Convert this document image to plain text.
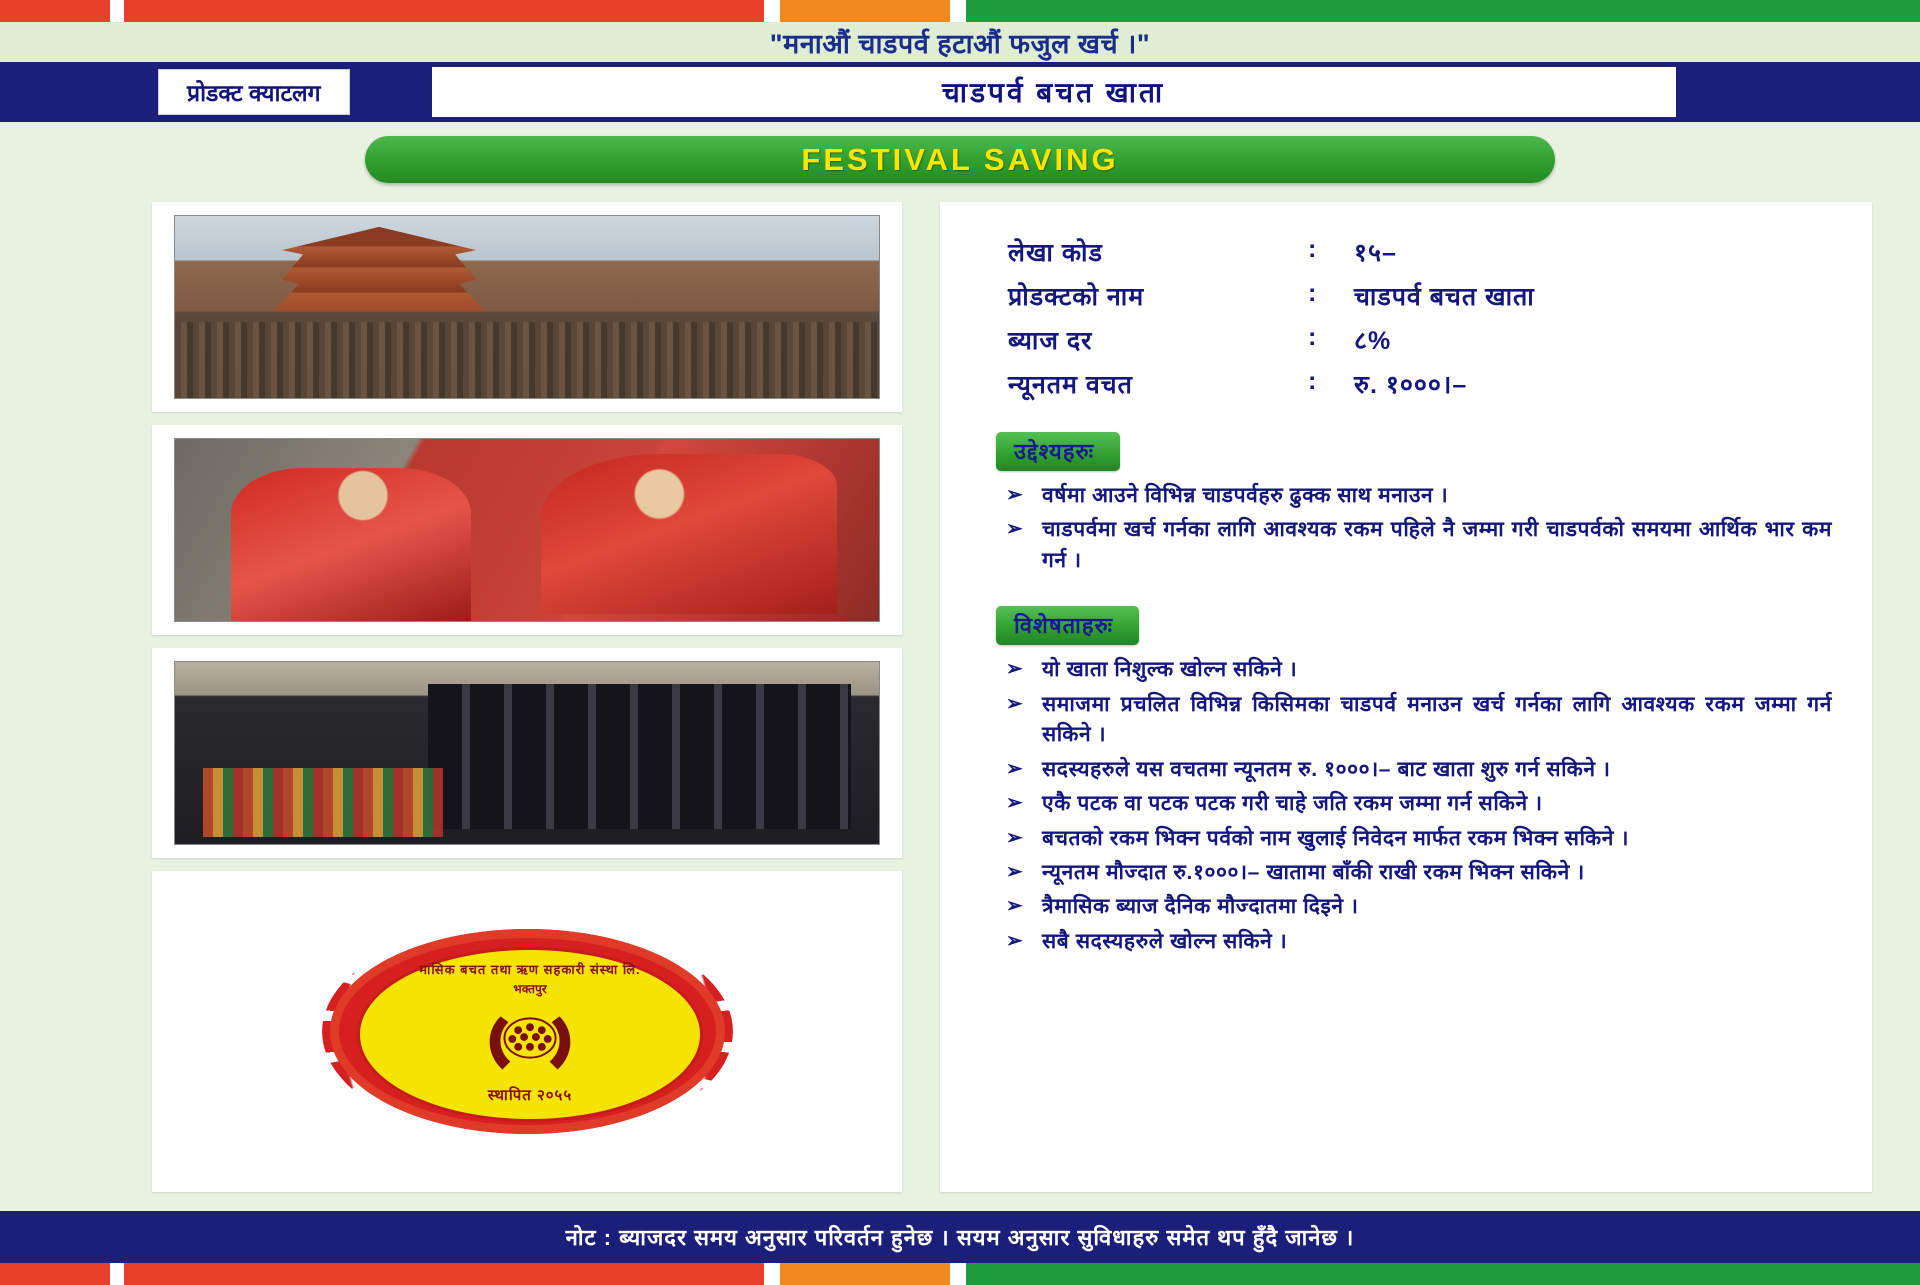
"मनाऔं चाडपर्व हटाऔं फजुल खर्च ।"
प्रोडक्ट क्याटलग	चाडपर्व बचत खाता
FESTIVAL SAVING
मासिक बचत तथा ऋण सहकारी संस्था लि.
भक्तपुर
स्थापित २०५५
लेखा कोड	:	१५–
प्रोडक्टको नाम	:	चाडपर्व बचत खाता
ब्याज दर	:	८%
न्यूनतम वचत	:	रु. १०००।–
उद्देश्यहरुः
➢ वर्षमा आउने विभिन्न चाडपर्वहरु ढुक्क साथ मनाउन ।
➢ चाडपर्वमा खर्च गर्नका लागि आवश्यक रकम पहिले नै जम्मा गरी चाडपर्वको समयमा आर्थिक भार कम गर्न ।
विशेषताहरुः
➢ यो खाता निशुल्क खोल्न सकिने ।
➢ समाजमा प्रचलित विभिन्न किसिमका चाडपर्व मनाउन खर्च गर्नका लागि आवश्यक रकम जम्मा गर्न सकिने ।
➢ सदस्यहरुले यस वचतमा न्यूनतम रु. १०००।– बाट खाता शुरु गर्न सकिने ।
➢ एकै पटक वा पटक पटक गरी चाहे जति रकम जम्मा गर्न सकिने ।
➢ बचतको रकम भिक्न पर्वको नाम खुलाई निवेदन मार्फत रकम भिक्न सकिने ।
➢ न्यूनतम मौज्दात रु.१०००।– खातामा बाँकी राखी रकम भिक्न सकिने ।
➢ त्रैमासिक ब्याज दैनिक मौज्दातमा दिइने ।
➢ सबै सदस्यहरुले खोल्न सकिने ।
नोट : ब्याजदर समय अनुसार परिवर्तन हुनेछ । सयम अनुसार सुविधाहरु समेत थप हुँदै जानेछ ।
